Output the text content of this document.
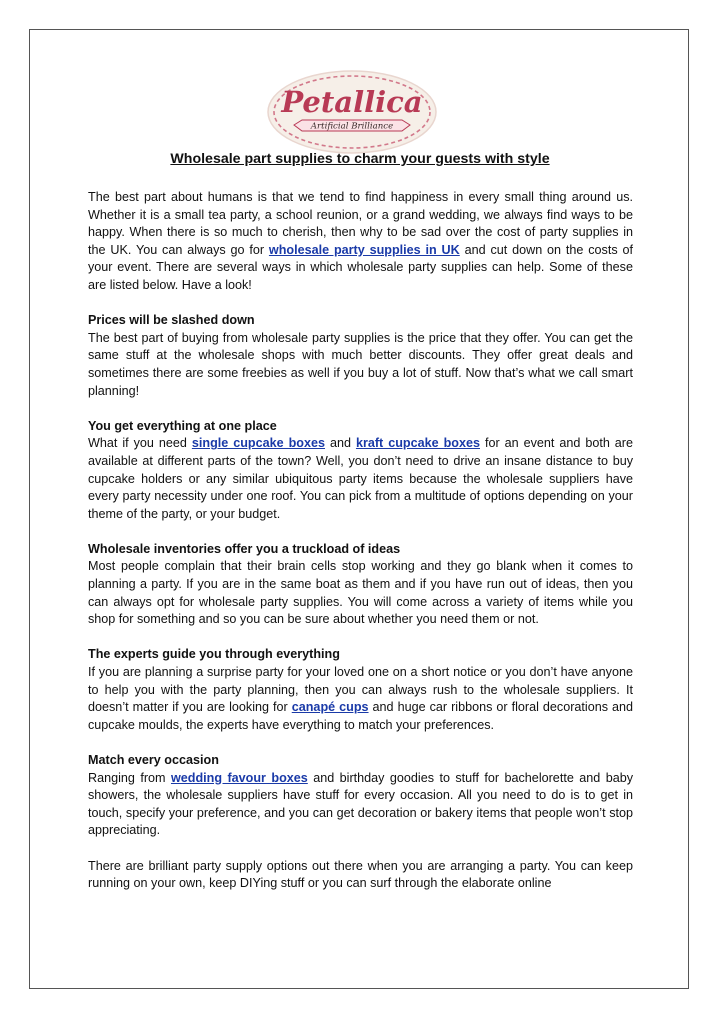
Petallica
Artificial Brilliance
Wholesale part supplies to charm your guests with style

The best part about humans is that we tend to find happiness in every small thing around us. Whether it is a small tea party, a school reunion, or a grand wedding, we always find ways to be happy. When there is so much to cherish, then why to be sad over the cost of party supplies in the UK. You can always go for wholesale party supplies in UK and cut down on the costs of your event. There are several ways in which wholesale party supplies can help. Some of these are listed below. Have a look!

Prices will be slashed down
The best part of buying from wholesale party supplies is the price that they offer. You can get the same stuff at the wholesale shops with much better discounts. They offer great deals and sometimes there are some freebies as well if you buy a lot of stuff. Now that’s what we call smart planning!

You get everything at one place
What if you need single cupcake boxes and kraft cupcake boxes for an event and both are available at different parts of the town? Well, you don’t need to drive an insane distance to buy cupcake holders or any similar ubiquitous party items because the wholesale suppliers have every party necessity under one roof. You can pick from a multitude of options depending on your theme of the party, or your budget.

Wholesale inventories offer you a truckload of ideas
Most people complain that their brain cells stop working and they go blank when it comes to planning a party. If you are in the same boat as them and if you have run out of ideas, then you can always opt for wholesale party supplies. You will come across a variety of items while you shop for something and so you can be sure about whether you need them or not.

The experts guide you through everything
If you are planning a surprise party for your loved one on a short notice or you don’t have anyone to help you with the party planning, then you can always rush to the wholesale suppliers. It doesn’t matter if you are looking for canapé cups and huge car ribbons or floral decorations and cupcake moulds, the experts have everything to match your preferences.

Match every occasion
Ranging from wedding favour boxes and birthday goodies to stuff for bachelorette and baby showers, the wholesale suppliers have stuff for every occasion. All you need to do is to get in touch, specify your preference, and you can get decoration or bakery items that people won’t stop appreciating.

There are brilliant party supply options out there when you are arranging a party. You can keep running on your own, keep DIYing stuff or you can surf through the elaborate online
